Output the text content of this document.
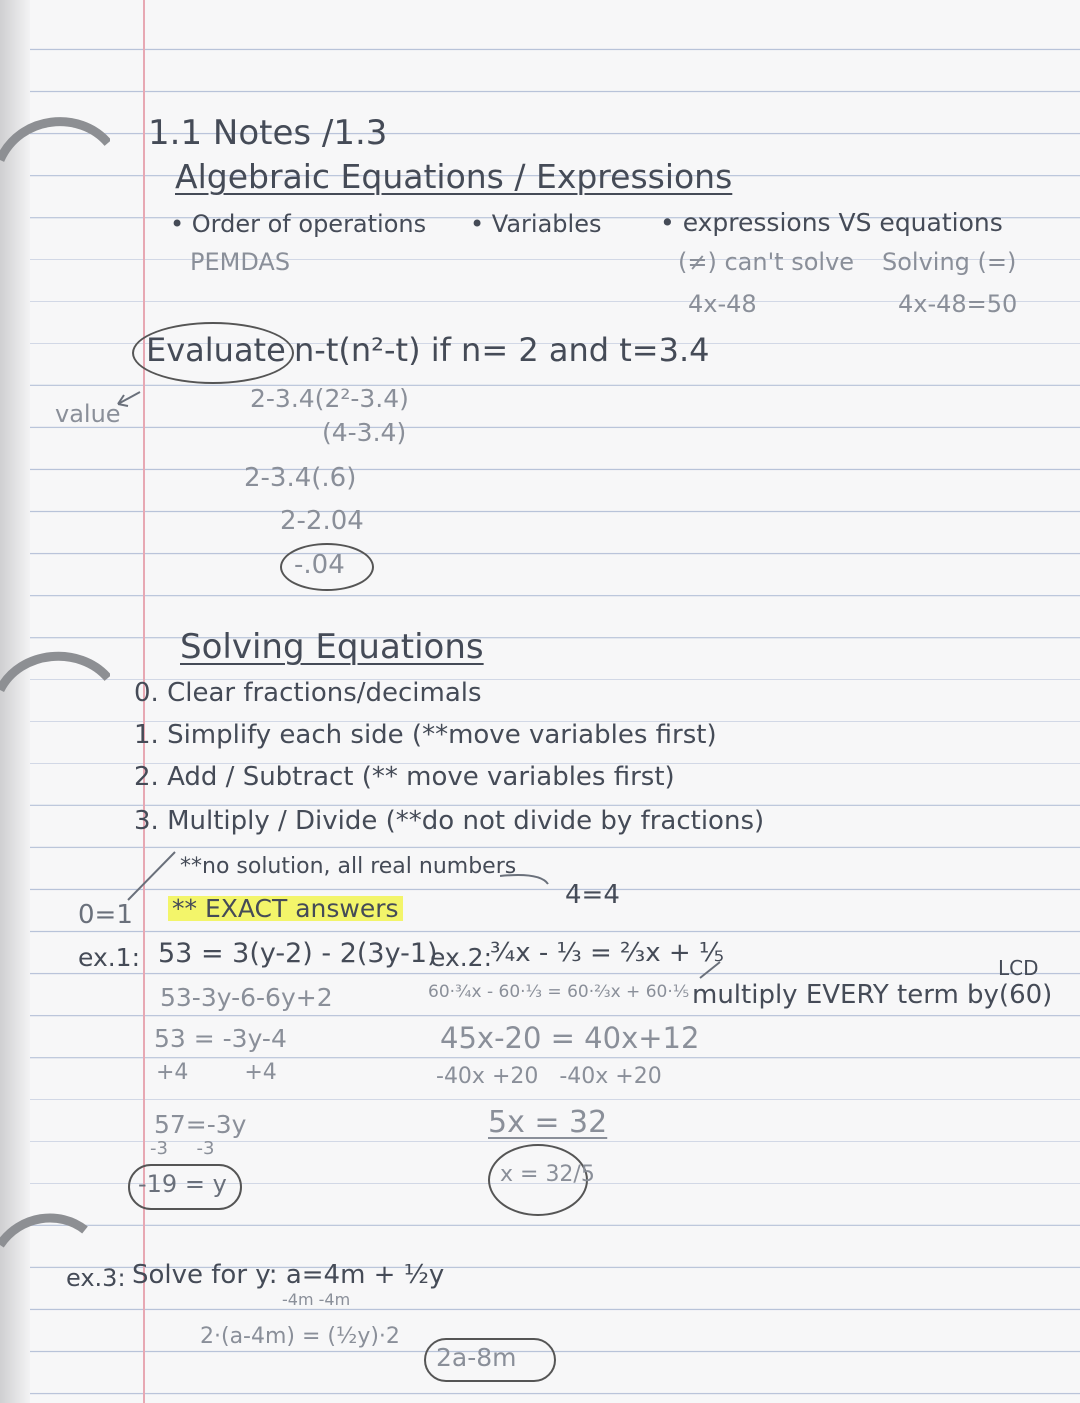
1.1 Notes /1.3
Algebraic Equations / Expressions
• Order of operations
PEMDAS
• Variables • expressions VS equations
(≠) can't solve Solving (=)
4x-48	4x-48=50
Evaluate n-t(n²-t) if n= 2 and t=3.4
value
2-3.4(2²-3.4)
(4-3.4)
2-3.4(.6)
2-2.04
-.04
Solving Equations
0. Clear fractions/decimals
1. Simplify each side (**move variables first)
2. Add / Subtract (** move variables first)
3. Multiply / Divide (**do not divide by fractions)
**no solution, all real numbers
0=1
4=4
** EXACT answers
ex.1: 53 = 3(y-2) - 2(3y-1)
53-3y-6-6y+2
53 = -3y-4
+4        +4
57=-3y
-3     -3
-19 = y
ex.2:
¾x - ⅓ = ⅔x + ⅕	LCD
60·¾x - 60·⅓ = 60·⅔x + 60·⅕ multiply EVERY term by(60)
45x-20 = 40x+12
-40x +20   -40x +20
5x = 32
x = 32/5
ex.3: Solve for y: a=4m + ½y
-4m -4m
2·(a-4m) = (½y)·2
2a-8m
